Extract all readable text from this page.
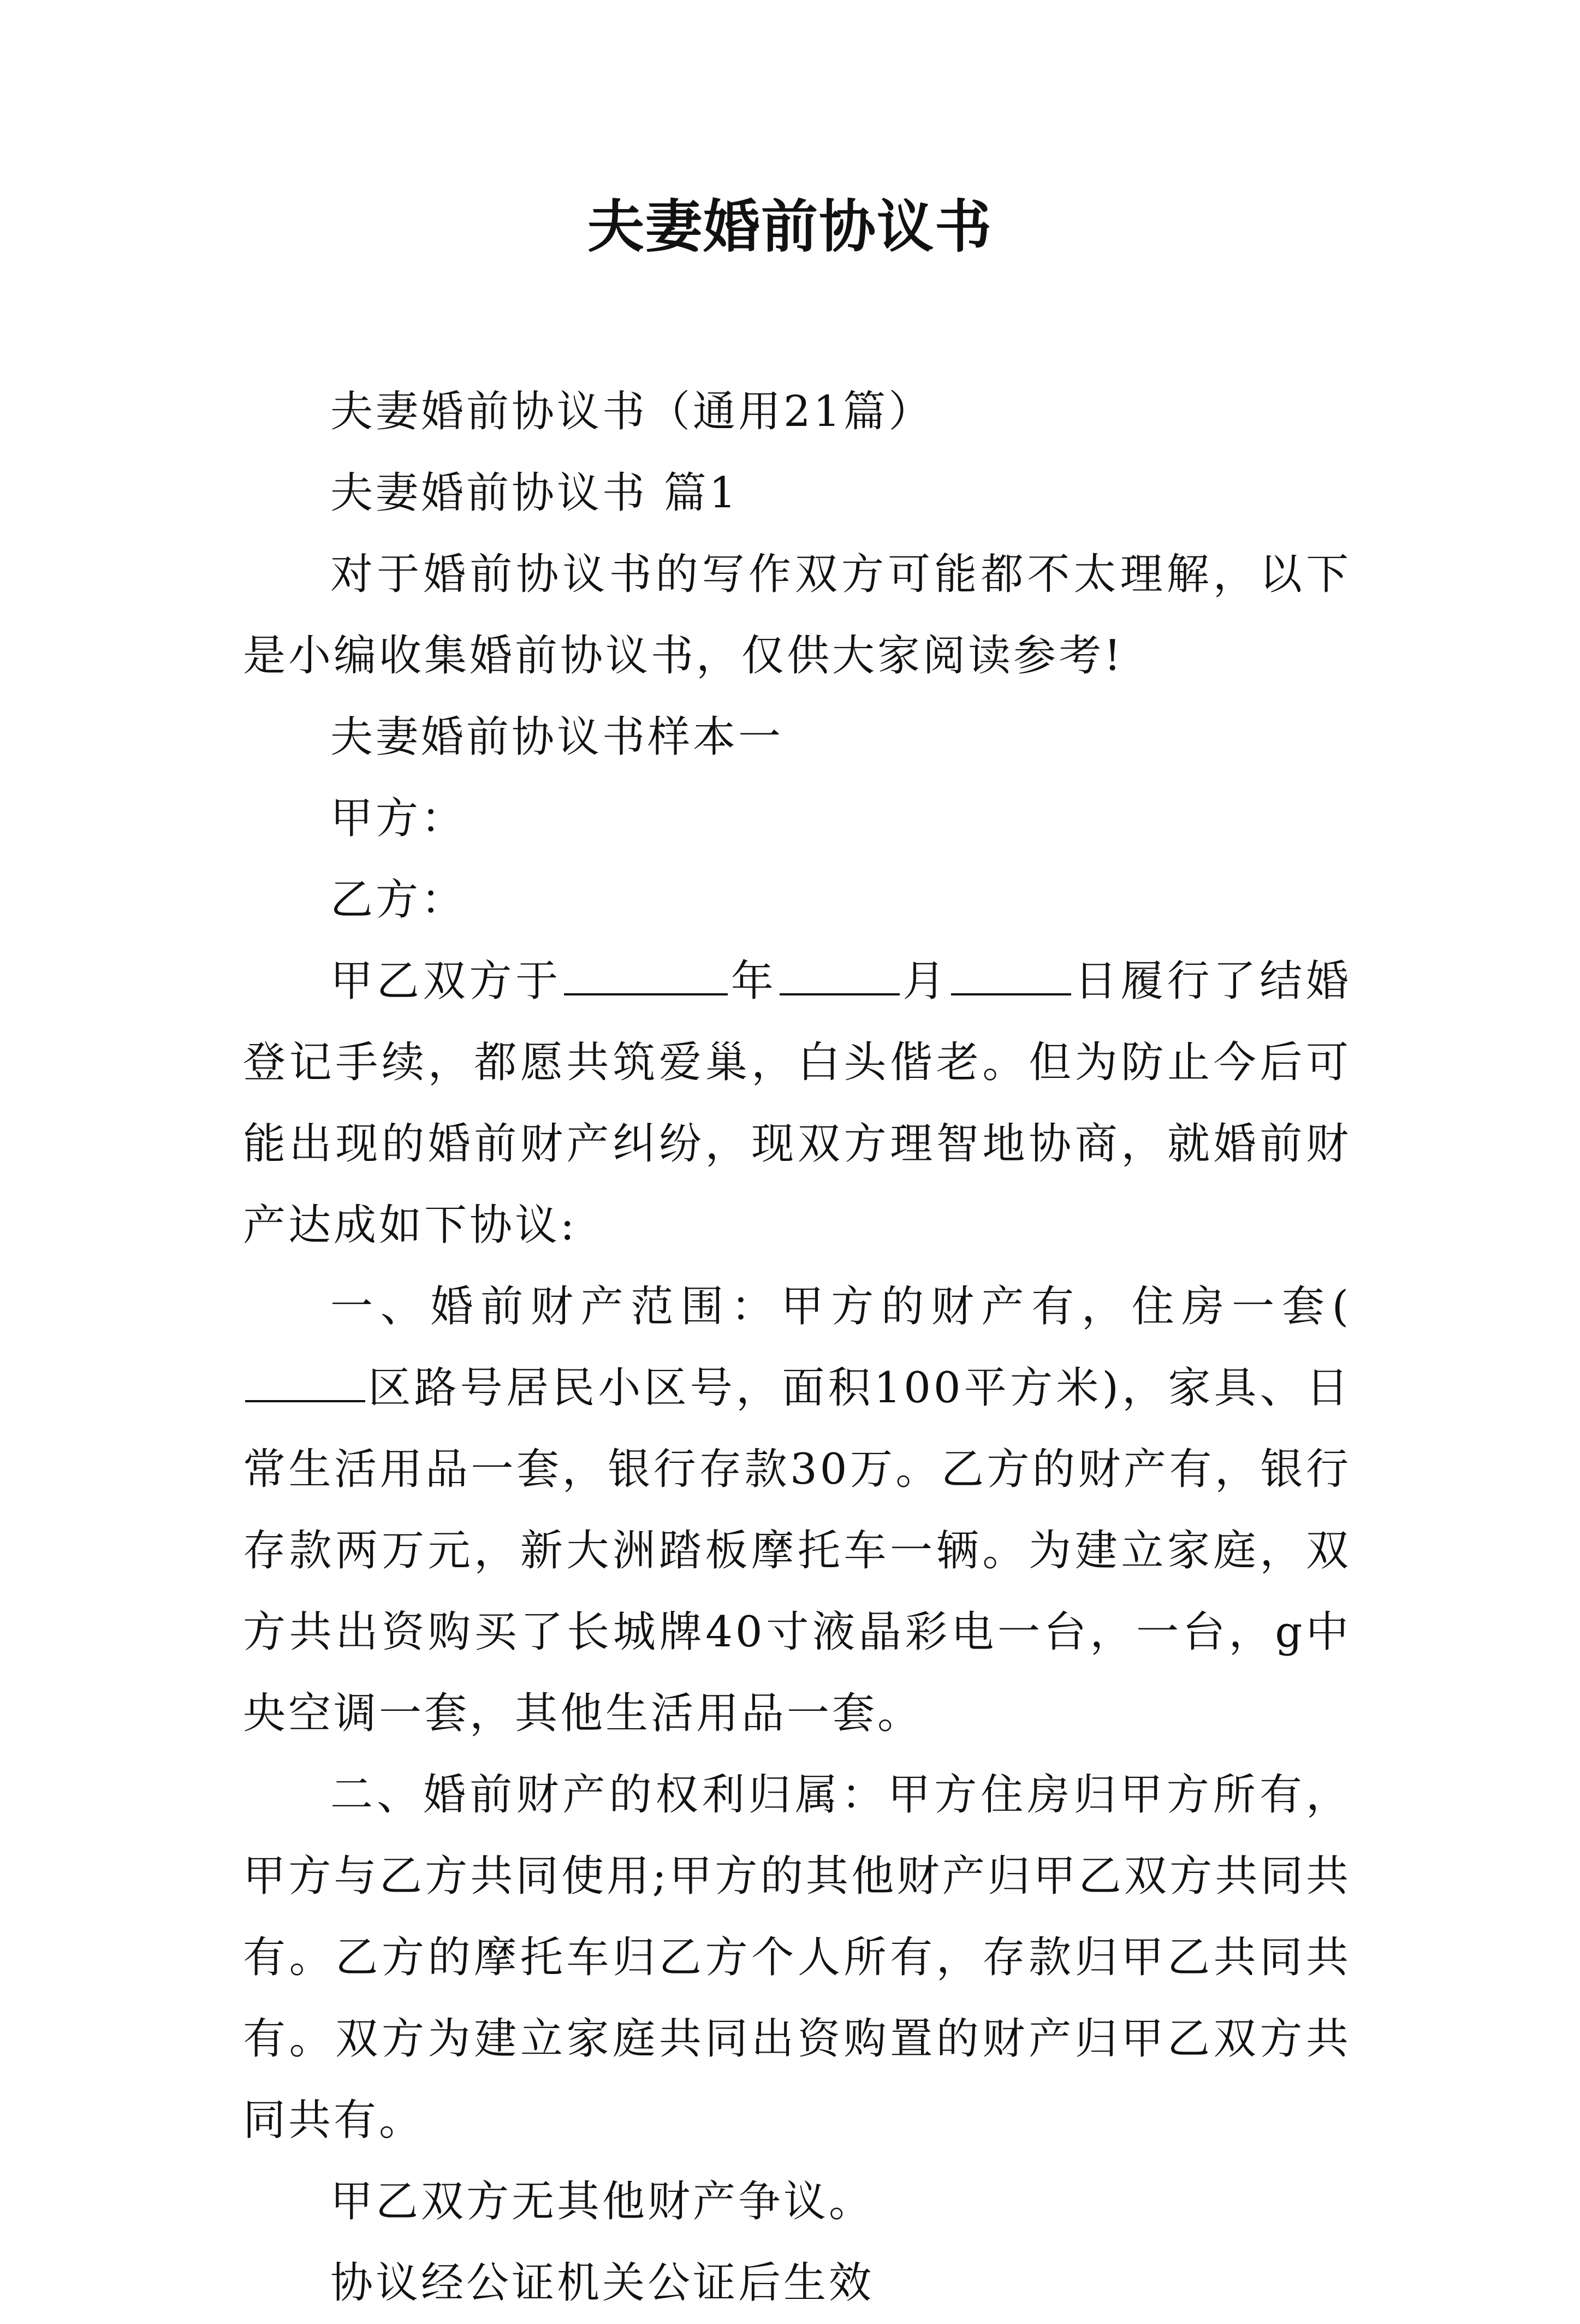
夫妻婚前协议书

夫妻婚前协议书（通用21篇）

夫妻婚前协议书 篇1

对于婚前协议书的写作双方可能都不太理解，以下是小编收集婚前协议书，仅供大家阅读参考!

夫妻婚前协议书样本一

甲方：

乙方：

甲乙双方于	年	月	日履行了结婚登记手续，都愿共筑爱巢，白头偕老。但为防止今后可能出现的婚前财产纠纷，现双方理智地协商，就婚前财产达成如下协议:

一、婚前财产范围：甲方的财产有，住房一套(区路号居民小区号，面积100平方米)，家具、日常生活用品一套，银行存款30万。乙方的财产有，银行存款两万元，新大洲踏板摩托车一辆。为建立家庭，双方共出资购买了长城牌40寸液晶彩电一台，一台，g中央空调一套，其他生活用品一套。

二、婚前财产的权利归属：甲方住房归甲方所有，甲方与乙方共同使用;甲方的其他财产归甲乙双方共同共有。乙方的摩托车归乙方个人所有，存款归甲乙共同共有。双方为建立家庭共同出资购置的财产归甲乙双方共同共有。

甲乙双方无其他财产争议。

协议经公证机关公证后生效
